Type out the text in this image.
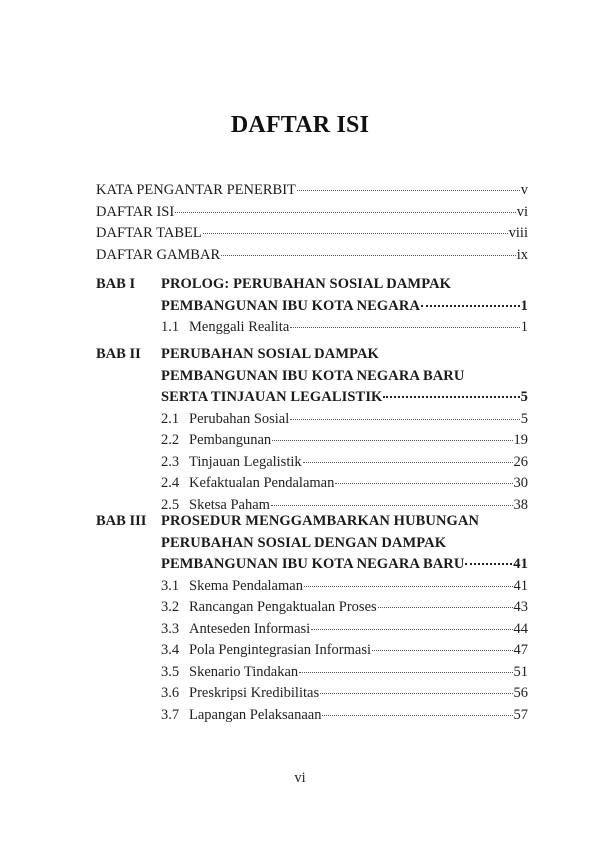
DAFTAR ISI
KATA PENGANTAR PENERBIT	v
DAFTAR ISI	vi
DAFTAR TABEL	viii
DAFTAR GAMBAR	ix
BAB I PROLOG: PERUBAHAN SOSIAL DAMPAK
PEMBANGUNAN IBU KOTA NEGARA	1
1.1 Menggali Realita	1
BAB II PERUBAHAN SOSIAL DAMPAK
PEMBANGUNAN IBU KOTA NEGARA BARU
SERTA TINJAUAN LEGALISTIK	5
2.1 Perubahan Sosial	5
2.2 Pembangunan	19
2.3 Tinjauan Legalistik	26
2.4 Kefaktualan Pendalaman	30
2.5 Sketsa Paham	38
BAB III PROSEDUR MENGGAMBARKAN HUBUNGAN
PERUBAHAN SOSIAL DENGAN DAMPAK
PEMBANGUNAN IBU KOTA NEGARA BARU	41
3.1 Skema Pendalaman	41
3.2 Rancangan Pengaktualan Proses	43
3.3 Anteseden Informasi	44
3.4 Pola Pengintegrasian Informasi	47
3.5 Skenario Tindakan	51
3.6 Preskripsi Kredibilitas	56
3.7 Lapangan Pelaksanaan	57
vi
